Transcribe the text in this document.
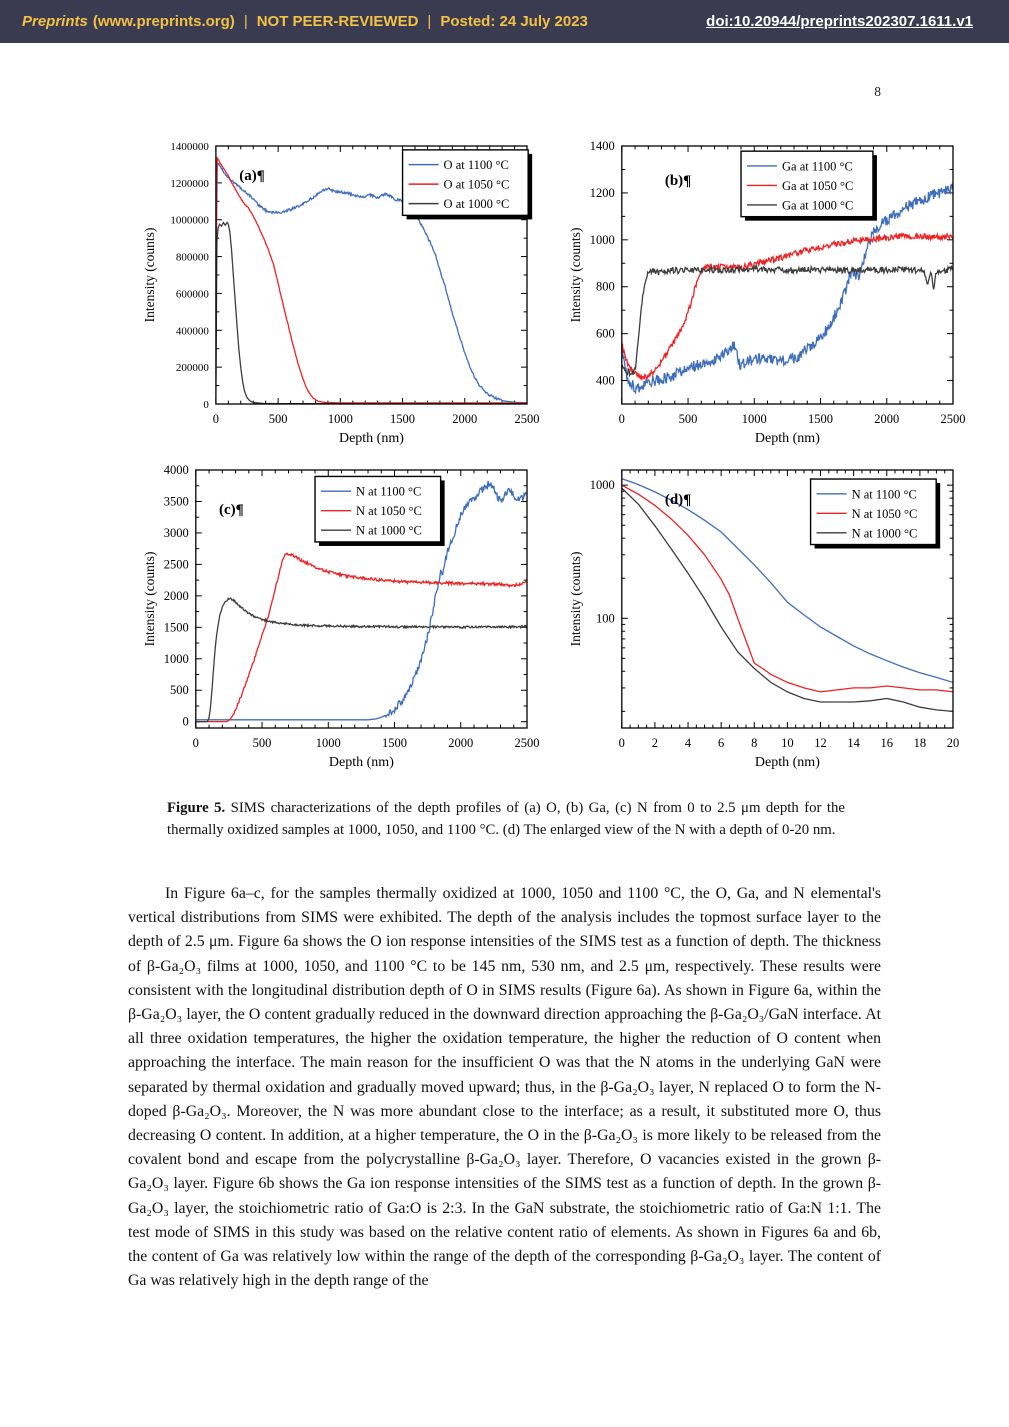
Preprints (www.preprints.org) | NOT PEER-REVIEWED | Posted: 24 July 2023	doi:10.20944/preprints202307.1611.v1
8
0	500	1000	1500	2000	2500
0
200000
400000
600000
800000
1000000
1200000
1400000
(a)¶
O at 1100 °C
O at 1050 °C
O at 1000 °C
Depth (nm)
Intensity (counts)
0	500	1000	1500	2000	2500
400
600
800
1000
1200
1400
(b)¶
Ga at 1100 °C
Ga at 1050 °C
Ga at 1000 °C
Depth (nm)
Intensity (counts)
0	500	1000	1500	2000	2500
0
500
1000
1500
2000
2500
3000
3500
4000
(c)¶
N at 1100 °C
N at 1050 °C
N at 1000 °C
Depth (nm)
Intensity (counts)
0 2 4 6 8 10 12 14 16 18 20
100
1000
(d)¶	N at 1100 °C
N at 1050 °C
N at 1000 °C
Depth (nm)
Intensity (counts)

Figure 5. SIMS characterizations of the depth profiles of (a) O, (b) Ga, (c) N from 0 to 2.5 μm depth for the thermally oxidized samples at 1000, 1050, and 1100 °C. (d) The enlarged view of the N with a depth of 0-20 nm.

In Figure 6a–c, for the samples thermally oxidized at 1000, 1050 and 1100 °C, the O, Ga, and N elemental's vertical distributions from SIMS were exhibited. The depth of the analysis includes the topmost surface layer to the depth of 2.5 μm. Figure 6a shows the O ion response intensities of the SIMS test as a function of depth. The thickness of β-Ga₂O₃ films at 1000, 1050, and 1100 °C to be 145 nm, 530 nm, and 2.5 μm, respectively. These results were consistent with the longitudinal distribution depth of O in SIMS results (Figure 6a). As shown in Figure 6a, within the β-Ga₂O₃ layer, the O content gradually reduced in the downward direction approaching the β-Ga₂O₃/GaN interface. At all three oxidation temperatures, the higher the oxidation temperature, the higher the reduction of O content when approaching the interface. The main reason for the insufficient O was that the N atoms in the underlying GaN were separated by thermal oxidation and gradually moved upward; thus, in the β-Ga₂O₃ layer, N replaced O to form the N-doped β-Ga₂O₃. Moreover, the N was more abundant close to the interface; as a result, it substituted more O, thus decreasing O content. In addition, at a higher temperature, the O in the β-Ga₂O₃ is more likely to be released from the covalent bond and escape from the polycrystalline β-Ga₂O₃ layer. Therefore, O vacancies existed in the grown β-Ga₂O₃ layer. Figure 6b shows the Ga ion response intensities of the SIMS test as a function of depth. In the grown β-Ga₂O₃ layer, the stoichiometric ratio of Ga:O is 2:3. In the GaN substrate, the stoichiometric ratio of Ga:N 1:1. The test mode of SIMS in this study was based on the relative content ratio of elements. As shown in Figures 6a and 6b, the content of Ga was relatively low within the range of the depth of the corresponding β-Ga₂O₃ layer. The content of Ga was relatively high in the depth range of the
